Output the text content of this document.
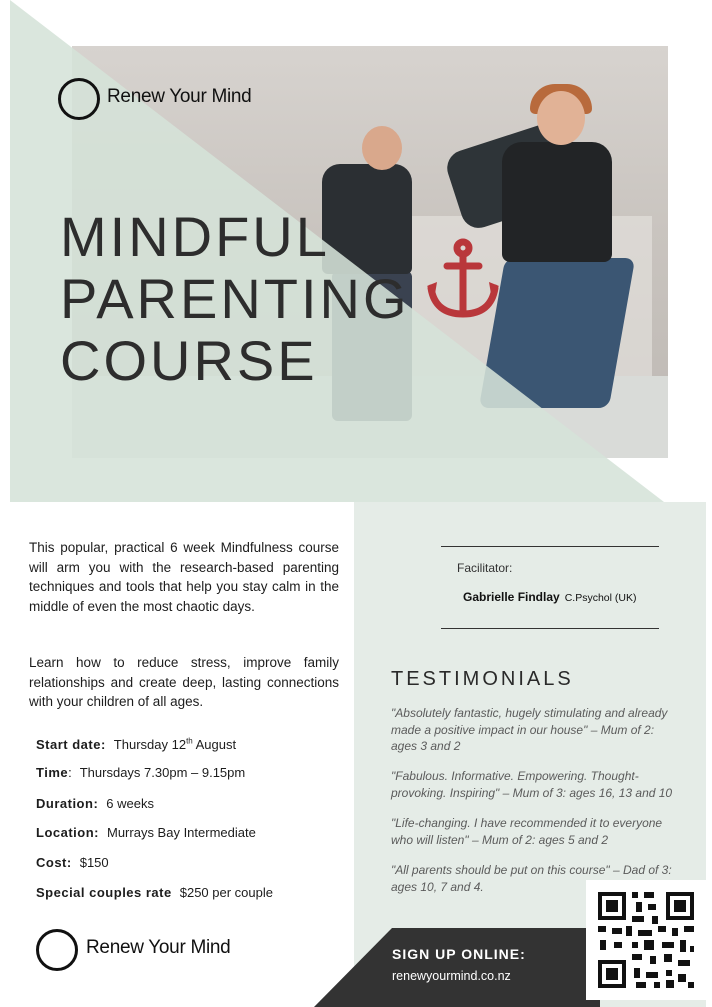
Renew Your Mind
MINDFUL
PARENTING
COURSE
This popular, practical 6 week Mindfulness course will arm you with the research-based parenting techniques and tools that help you stay calm in the middle of even the most chaotic days.
Learn how to reduce stress, improve family relationships and create deep, lasting connections with your children of all ages.
Start date: Thursday 12th August
Time: Thursdays 7.30pm – 9.15pm
Duration: 6 weeks
Location: Murrays Bay Intermediate
Cost: $150
Special couples rate $250 per couple
Renew Your Mind
Facilitator:
Gabrielle Findlay C.Psychol (UK)
TESTIMONIALS
"Absolutely fantastic, hugely stimulating and already made a positive impact in our house" – Mum of 2: ages 3 and 2
"Fabulous. Informative. Empowering. Thought-provoking. Inspiring" – Mum of 3: ages 16, 13 and 10
"Life-changing. I have recommended it to everyone who will listen" – Mum of 2: ages 5 and 2
"All parents should be put on this course" – Dad of 3: ages 10, 7 and 4.
SIGN UP ONLINE:
renewyourmind.co.nz
